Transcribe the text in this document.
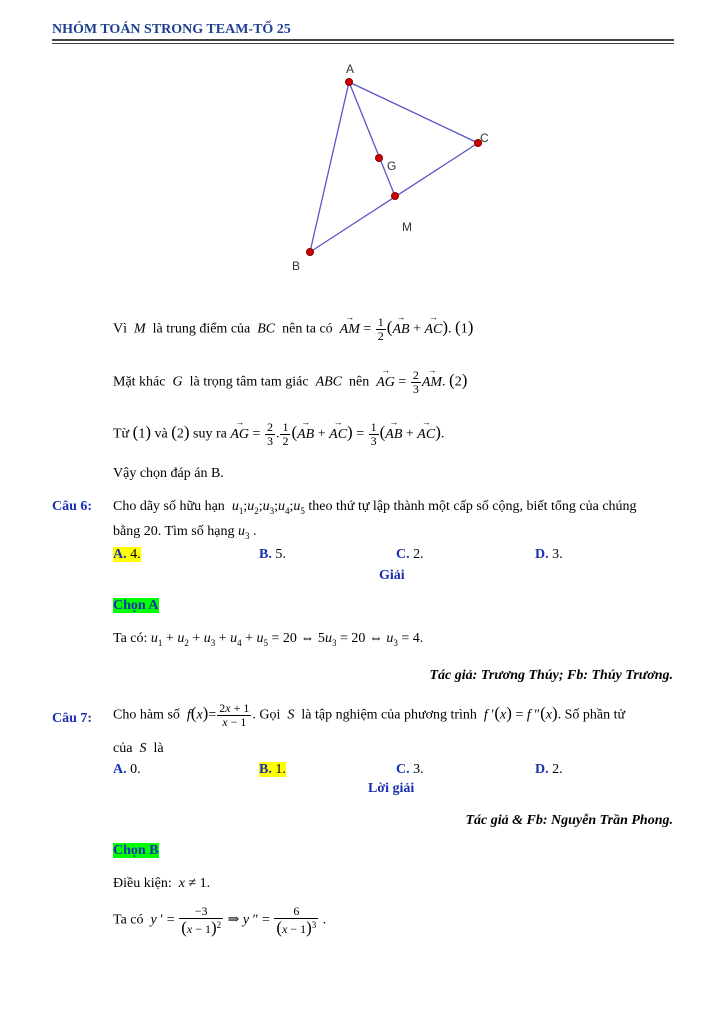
NHÓM TOÁN STRONG TEAM-TỔ 25
A
B
C
G
M
Vì M là trung điểm của BC nên ta có AM → = $\frac{1}{2} (AB$ → + AC →). (1)
Mặt khác G là trọng tâm tam giác ABC nên AG → = $\frac{2}{3}$ AM →. (2)
Từ (1) và (2) suy ra AG → = $\frac{2}{3}$ . $\frac{1}{2} (AB$ → + AC →) = $\frac{1}{3} (AB$ → + AC →).
Vậy chọn đáp án B.
Câu 6: Cho dãy số hữu hạn $u_1;u_2;u_3;u_4;u_5$ theo thứ tự lập thành một cấp số cộng, biết tổng của chúng
bằng 20. Tìm số hạng $u_3$ .
A. 4.	B. 5.	C. 2.	D. 3.
Giải
Chọn A
Ta có: $u_1 + u_2 + u_3 + u_4 + u_5 = 20$ ⇔ $5u_3 = 20$ ⇔ $u_3 = 4$.
Tác giả: Trương Thúy; Fb: Thúy Trương.
Câu 7: Cho hàm số $f(x)= \frac{2x + 1}{x - 1}$ . Gọi S là tập nghiệm của phương trình f ′(x) = f ″(x). Số phần tử
của S là
A. 0.	B. 1.	C. 3.	D. 2.
Lời giải
Tác giả & Fb: Nguyễn Trần Phong.
Chọn B
Điều kiện: x ≠ 1.
Ta có y ′ = $\frac{-3}{(x - 1)^2}$ ⇒ y ″ = $\frac{6}{(x - 1)^3}$ .
